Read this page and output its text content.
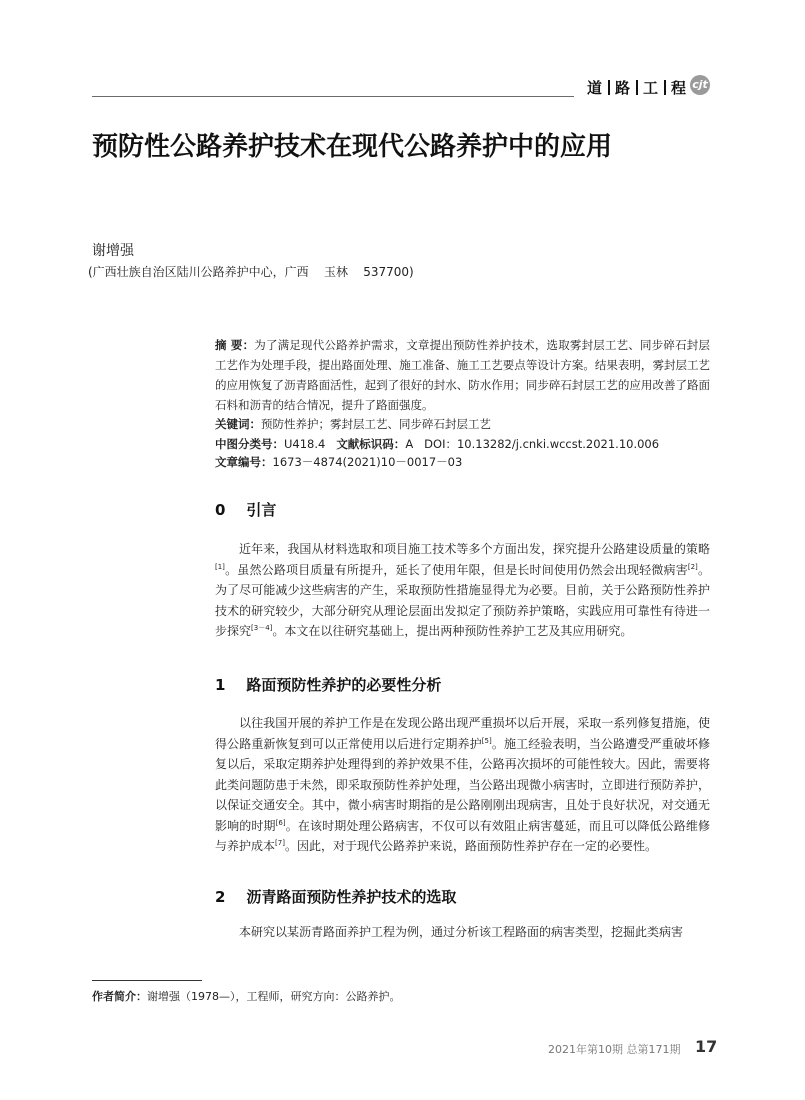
道 路 工 程 cjt
预防性公路养护技术在现代公路养护中的应用
谢增强
(广西壮族自治区陆川公路养护中心，广西    玉林    537700)
摘 要：为了满足现代公路养护需求，文章提出预防性养护技术，选取雾封层工艺、同步碎石封层工艺作为处理手段，提出路面处理、施工准备、施工工艺要点等设计方案。结果表明，雾封层工艺的应用恢复了沥青路面活性，起到了很好的封水、防水作用；同步碎石封层工艺的应用改善了路面石料和沥青的结合情况，提升了路面强度。
关键词：预防性养护；雾封层工艺、同步碎石封层工艺
中图分类号：U418.4 文献标识码：A DOI：10.13282/j.cnki.wccst.2021.10.006
文章编号：1673－4874(2021)10－0017－03
0    引言
近年来，我国从材料选取和项目施工技术等多个方面出发，探究提升公路建设质量的策略[1]。虽然公路项目质量有所提升，延长了使用年限，但是长时间使用仍然会出现轻微病害[2]。为了尽可能减少这些病害的产生，采取预防性措施显得尤为必要。目前，关于公路预防性养护技术的研究较少，大部分研究从理论层面出发拟定了预防养护策略，实践应用可靠性有待进一步探究[3－4]。本文在以往研究基础上，提出两种预防性养护工艺及其应用研究。
1    路面预防性养护的必要性分析
以往我国开展的养护工作是在发现公路出现严重损坏以后开展，采取一系列修复措施，使得公路重新恢复到可以正常使用以后进行定期养护[5]。施工经验表明，当公路遭受严重破坏修复以后，采取定期养护处理得到的养护效果不佳，公路再次损坏的可能性较大。因此，需要将此类问题防患于未然，即采取预防性养护处理，当公路出现微小病害时，立即进行预防养护，以保证交通安全。其中，微小病害时期指的是公路刚刚出现病害，且处于良好状况，对交通无影响的时期[6]。在该时期处理公路病害，不仅可以有效阻止病害蔓延，而且可以降低公路维修与养护成本[7]。因此，对于现代公路养护来说，路面预防性养护存在一定的必要性。
2    沥青路面预防性养护技术的选取
本研究以某沥青路面养护工程为例，通过分析该工程路面的病害类型，挖掘此类病害
作者简介：谢增强（1978—），工程师，研究方向：公路养护。
2021年第10期 总第171期 17
